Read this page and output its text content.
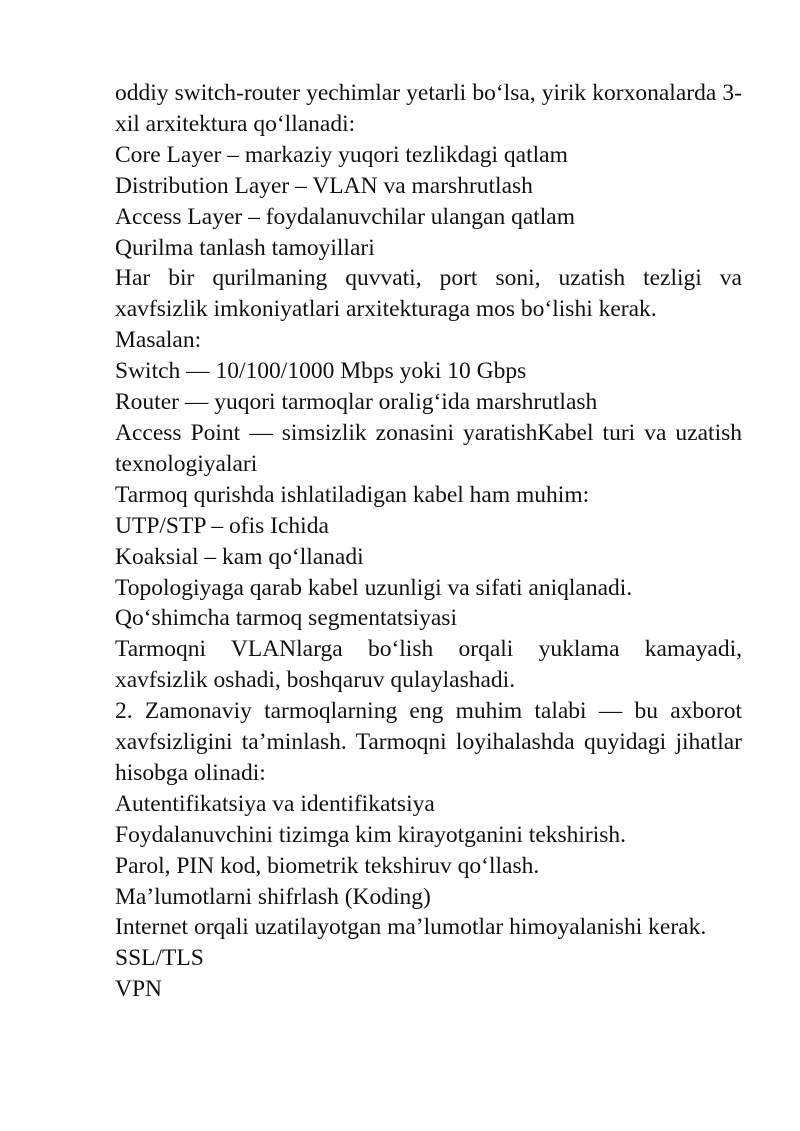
oddiy switch-router yechimlar yetarli bo‘lsa, yirik korxonalarda 3-xil arxitektura qo‘llanadi:

Core Layer – markaziy yuqori tezlikdagi qatlam

Distribution Layer – VLAN va marshrutlash

Access Layer – foydalanuvchilar ulangan qatlam

Qurilma tanlash tamoyillari

Har bir qurilmaning quvvati, port soni, uzatish tezligi va xavfsizlik imkoniyatlari arxitekturaga mos bo‘lishi kerak.

Masalan:

Switch — 10/100/1000 Mbps yoki 10 Gbps

Router — yuqori tarmoqlar oralig‘ida marshrutlash

Access Point — simsizlik zonasini yaratishKabel turi va uzatish texnologiyalari

Tarmoq qurishda ishlatiladigan kabel ham muhim:

UTP/STP – ofis Ichida

Koaksial – kam qo‘llanadi

Topologiyaga qarab kabel uzunligi va sifati aniqlanadi.

Qo‘shimcha tarmoq segmentatsiyasi

Tarmoqni VLANlarga bo‘lish orqali yuklama kamayadi, xavfsizlik oshadi, boshqaruv qulaylashadi.

2. Zamonaviy tarmoqlarning eng muhim talabi — bu axborot xavfsizligini ta’minlash. Tarmoqni loyihalashda quyidagi jihatlar hisobga olinadi:

Autentifikatsiya va identifikatsiya

Foydalanuvchini tizimga kim kirayotganini tekshirish.

Parol, PIN kod, biometrik tekshiruv qo‘llash.

Ma’lumotlarni shifrlash (Koding)

Internet orqali uzatilayotgan ma’lumotlar himoyalanishi kerak.

SSL/TLS

VPN
